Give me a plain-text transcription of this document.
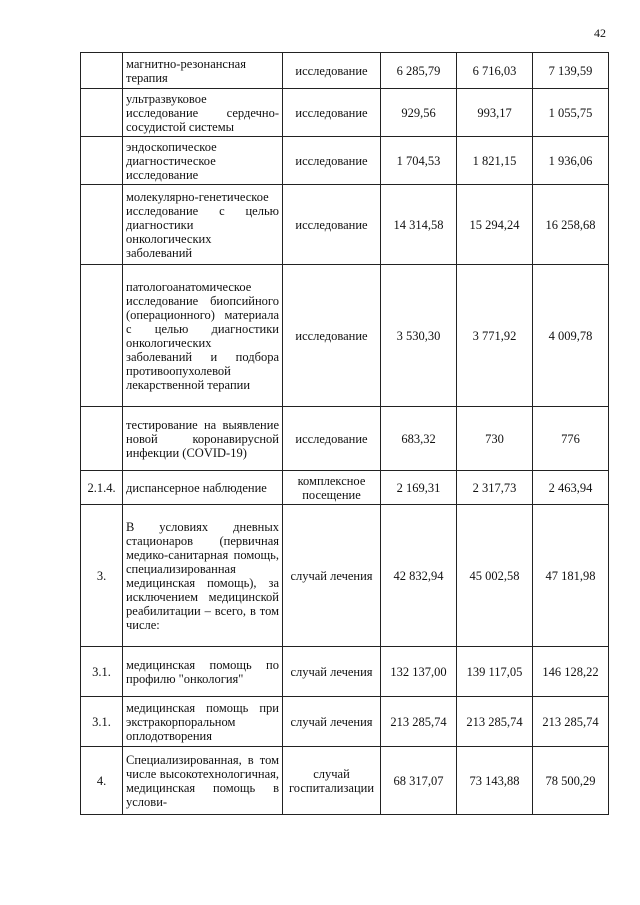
42
	магнитно-резонансная терапия	исследование	6 285,79	6 716,03	7 139,59
	ультразвуковое исследование сердечно-сосудистой системы	исследование	929,56	993,17	1 055,75
	эндоскопическое диагностическое исследование	исследование	1 704,53	1 821,15	1 936,06
	молекулярно-генетическое исследование с целью диагностики онкологических заболеваний	исследование	14 314,58	15 294,24	16 258,68
	патологоанатомическое исследование биопсийного (операционного) материала с целью диагностики онкологических заболеваний и подбора противоопухолевой лекарственной терапии	исследование	3 530,30	3 771,92	4 009,78
	тестирование на выявление новой коронавирусной инфекции (COVID-19)	исследование	683,32	730	776
2.1.4.	диспансерное наблюдение	комплексное посещение	2 169,31	2 317,73	2 463,94
3.	В условиях дневных стационаров (первичная медико-санитарная помощь, специализированная медицинская помощь), за исключением медицинской реабилитации – всего, в том числе:	случай лечения	42 832,94	45 002,58	47 181,98
3.1.	медицинская помощь по профилю "онкология"	случай лечения	132 137,00	139 117,05	146 128,22
3.1.	медицинская помощь при экстракорпоральном оплодотворения	случай лечения	213 285,74	213 285,74	213 285,74
4.	Специализированная, в том числе высокотехнологичная, медицинская помощь в услови-	случай госпитализации	68 317,07	73 143,88	78 500,29
